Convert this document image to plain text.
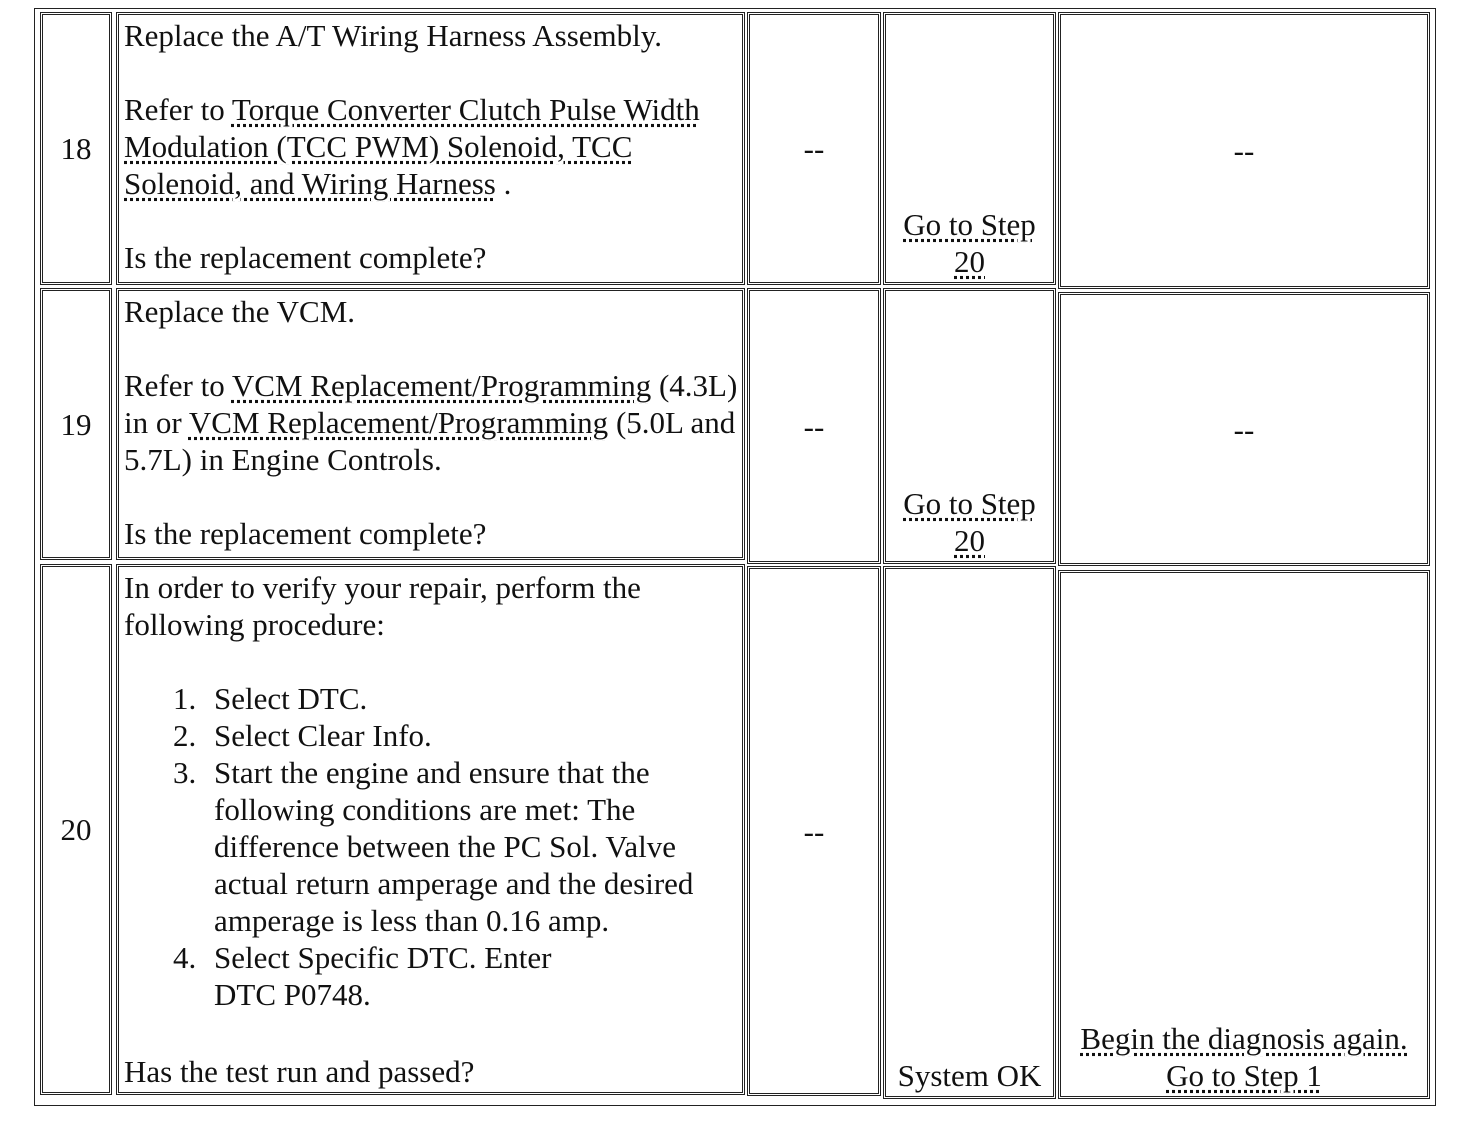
18

Replace the A/T Wiring Harness Assembly.

Refer to Torque Converter Clutch Pulse Width Modulation (TCC PWM) Solenoid, TCC Solenoid, and Wiring Harness .

Is the replacement complete?

--
Go to Step 20
--
19

Replace the VCM.

Refer to VCM Replacement/Programming (4.3L) in or VCM Replacement/Programming (5.0L and 5.7L) in Engine Controls.

Is the replacement complete?

--
Go to Step 20
--
20

In order to verify your repair, perform the following procedure:

1. Select DTC.
2. Select Clear Info.
3. Start the engine and ensure that the following conditions are met: The difference between the PC Sol. Valve actual return amperage and the desired amperage is less than 0.16 amp.
4. Select Specific DTC. Enter DTC P0748.

Has the test run and passed?

--
System OK
Begin the diagnosis again.
Go to Step 1
